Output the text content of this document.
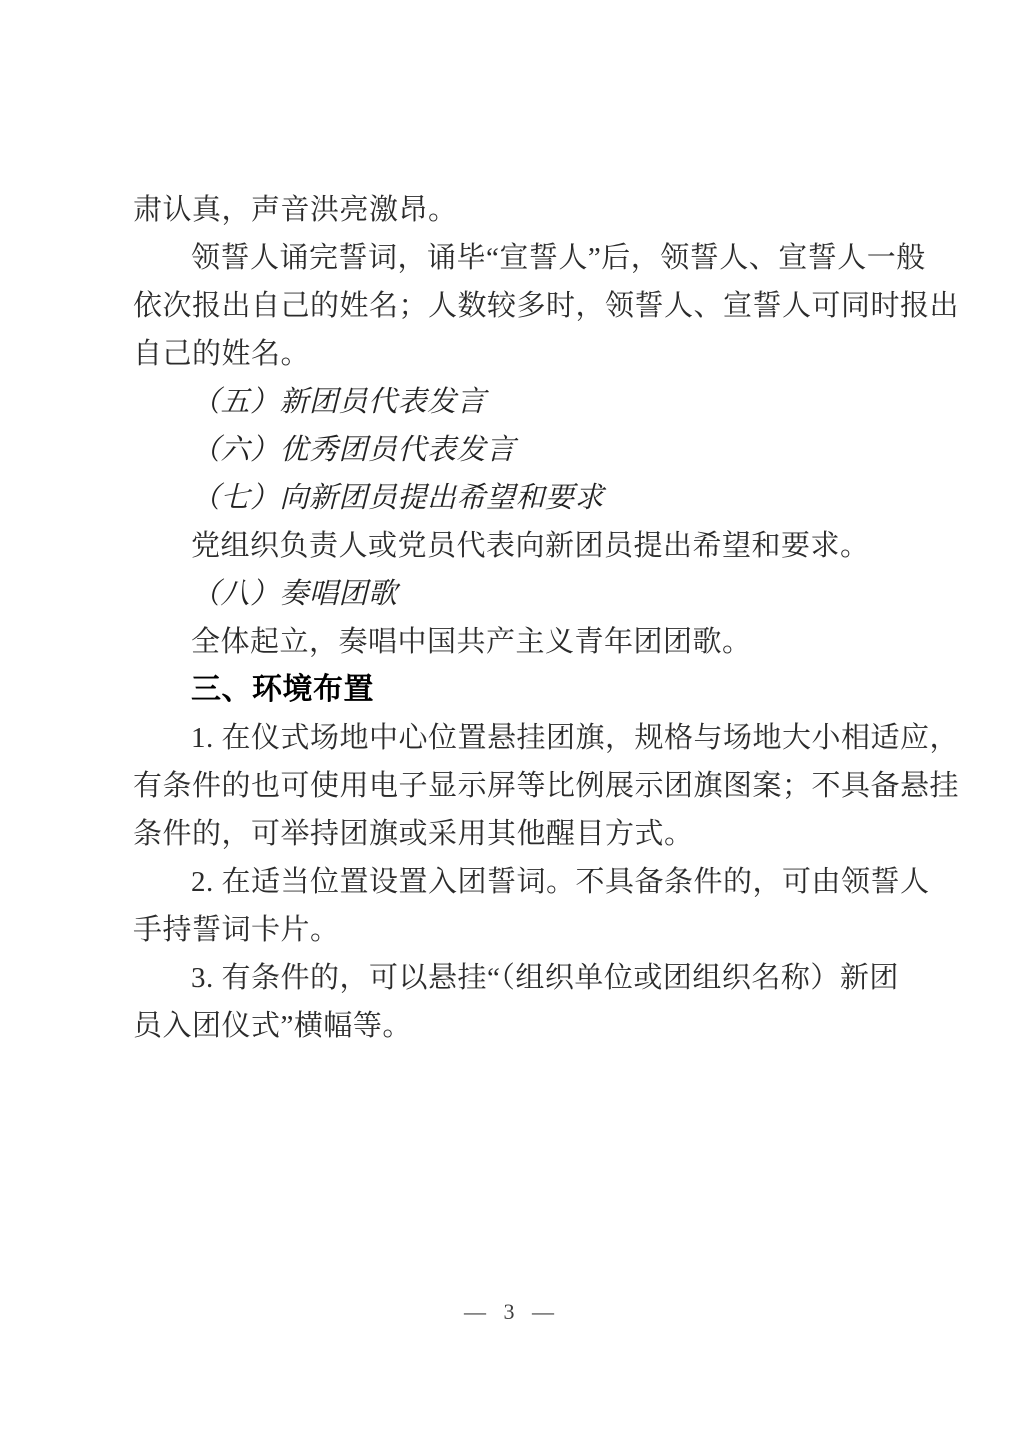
肃认真，声音洪亮激昂。
领誓人诵完誓词，诵毕“宣誓人”后，领誓人、宣誓人一般
依次报出自己的姓名；人数较多时，领誓人、宣誓人可同时报出
自己的姓名。
（五）新团员代表发言
（六）优秀团员代表发言
（七）向新团员提出希望和要求
党组织负责人或党员代表向新团员提出希望和要求。
（八）奏唱团歌
全体起立，奏唱中国共产主义青年团团歌。
三、环境布置
1. 在仪式场地中心位置悬挂团旗，规格与场地大小相适应，
有条件的也可使用电子显示屏等比例展示团旗图案；不具备悬挂
条件的，可举持团旗或采用其他醒目方式。
2. 在适当位置设置入团誓词。不具备条件的，可由领誓人
手持誓词卡片。
3. 有条件的，可以悬挂“（组织单位或团组织名称）新团
员入团仪式”横幅等。
— 3 —
